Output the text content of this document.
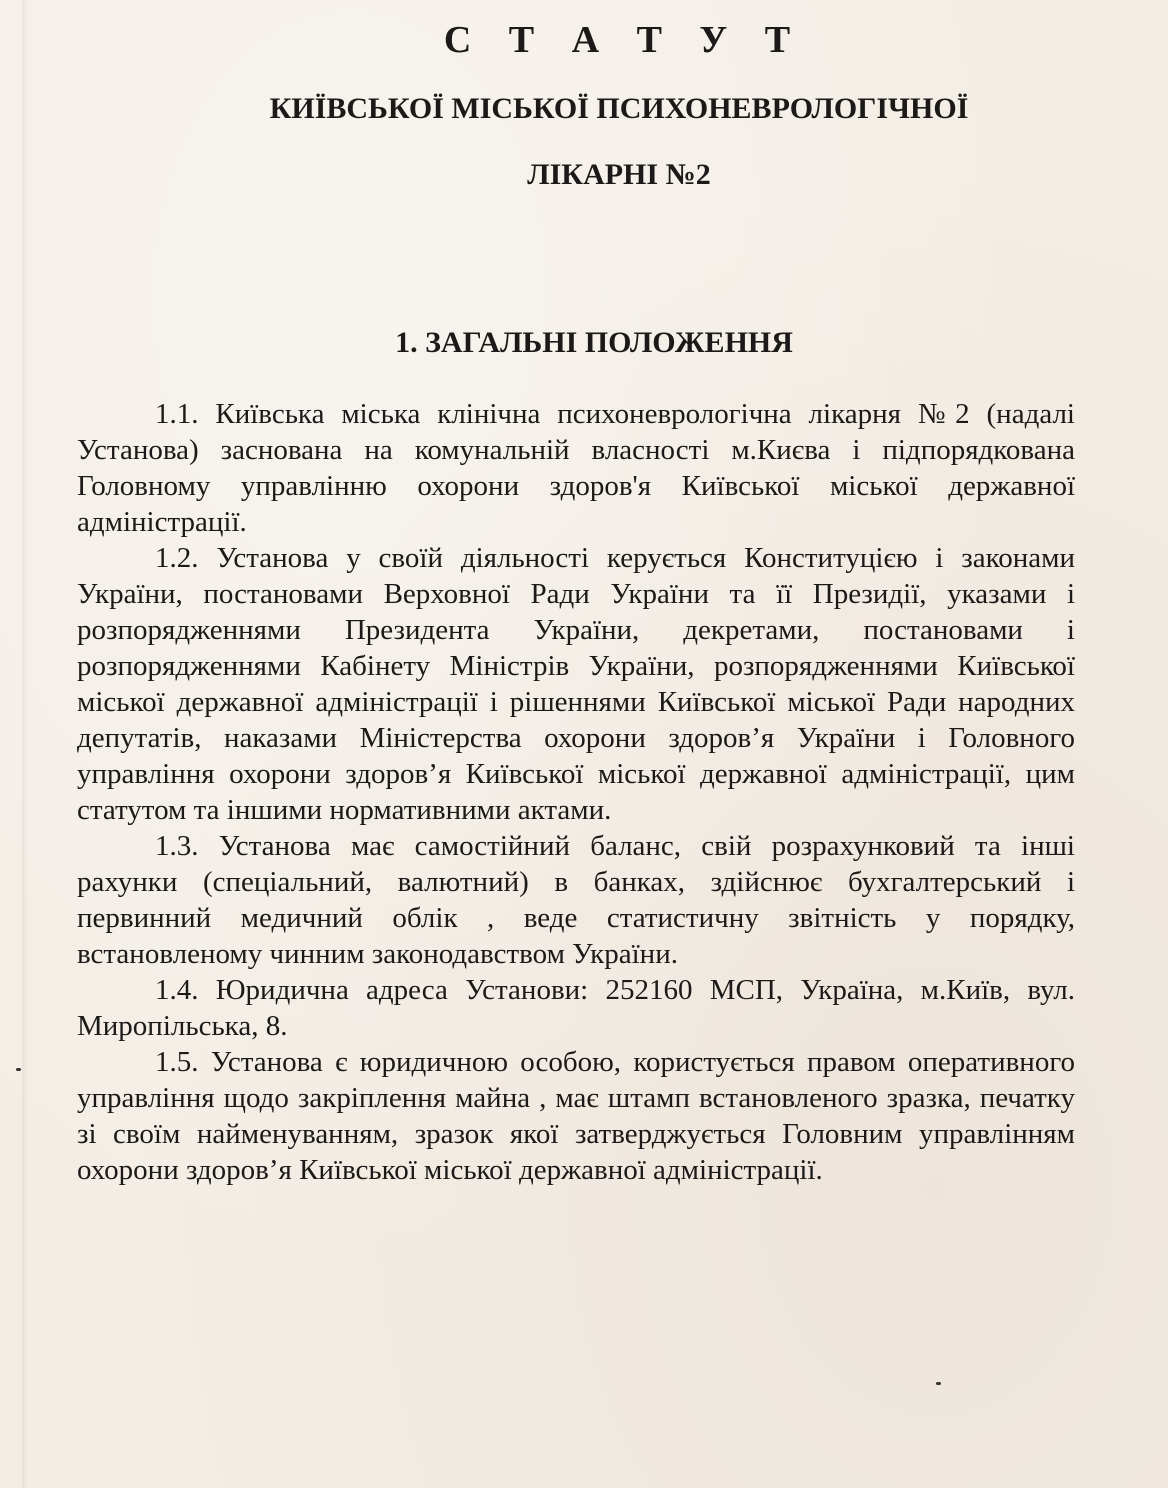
С Т А Т У Т
КИЇВСЬКОЇ МІСЬКОЇ ПСИХОНЕВРОЛОГІЧНОЇ
ЛІКАРНІ №2
1. ЗАГАЛЬНІ ПОЛОЖЕННЯ

1.1. Київська міська клінічна психоневрологічна лікарня №2 (надалі Установа) заснована на комунальній власності м.Києва і підпорядкована Головному управлінню охорони здоров'я Київської міської державної адміністрації.

1.2. Установа у своїй діяльності керується Конституцією і законами України, постановами Верховної Ради України та її Президії, указами і розпорядженнями Президента України, декретами, постановами і розпорядженнями Кабінету Міністрів України, розпорядженнями Київської міської державної адміністрації і рішеннями Київської міської Ради народних депутатів, наказами Міністерства охорони здоров’я України і Головного управління охорони здоров’я Київської міської державної адміністрації, цим статутом та іншими нормативними актами.

1.3. Установа має самостійний баланс, свій розрахунковий та інші рахунки (спеціальний, валютний) в банках, здійснює бухгалтерський і первинний медичний облік , веде статистичну звітність у порядку, встановленому чинним законодавством України.

1.4. Юридична адреса Установи: 252160 МСП, Україна, м.Київ, вул. Миропільська, 8.

1.5. Установа є юридичною особою, користується правом оперативного управління щодо закріплення майна , має штамп встановленого зразка, печатку зі своїм найменуванням, зразок якої затверджується Головним управлінням охорони здоров’я Київської міської державної адміністрації.
